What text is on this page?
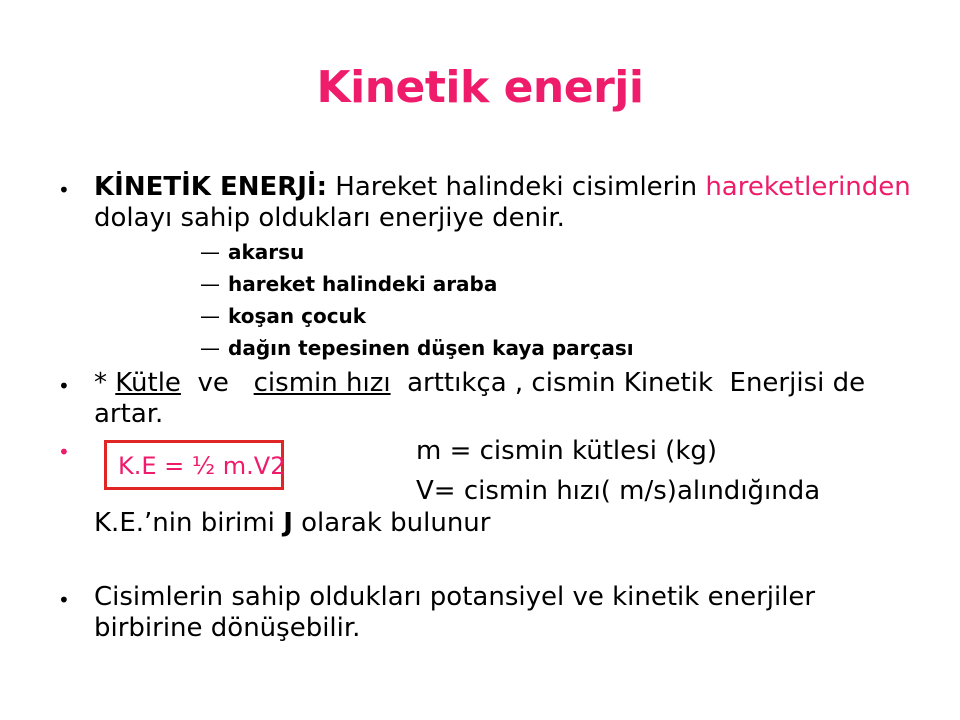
Kinetik enerji
• KİNETİK ENERJİ: Hareket halindeki cisimlerin hareketlerinden
dolayı sahip oldukları enerjiye denir.
— akarsu
— hareket halindeki araba
— koşan çocuk
— dağın tepesinen düşen kaya parçası
• * Kütle  ve   cismin hızı  arttıkça , cismin Kinetik  Enerjisi de
artar.
• K.E = ½ m.V2	m = cismin kütlesi (kg)
V= cismin hızı( m/s)alındığında
K.E.’nin birimi J olarak bulunur
• Cisimlerin sahip oldukları potansiyel ve kinetik enerjiler
birbirine dönüşebilir.
